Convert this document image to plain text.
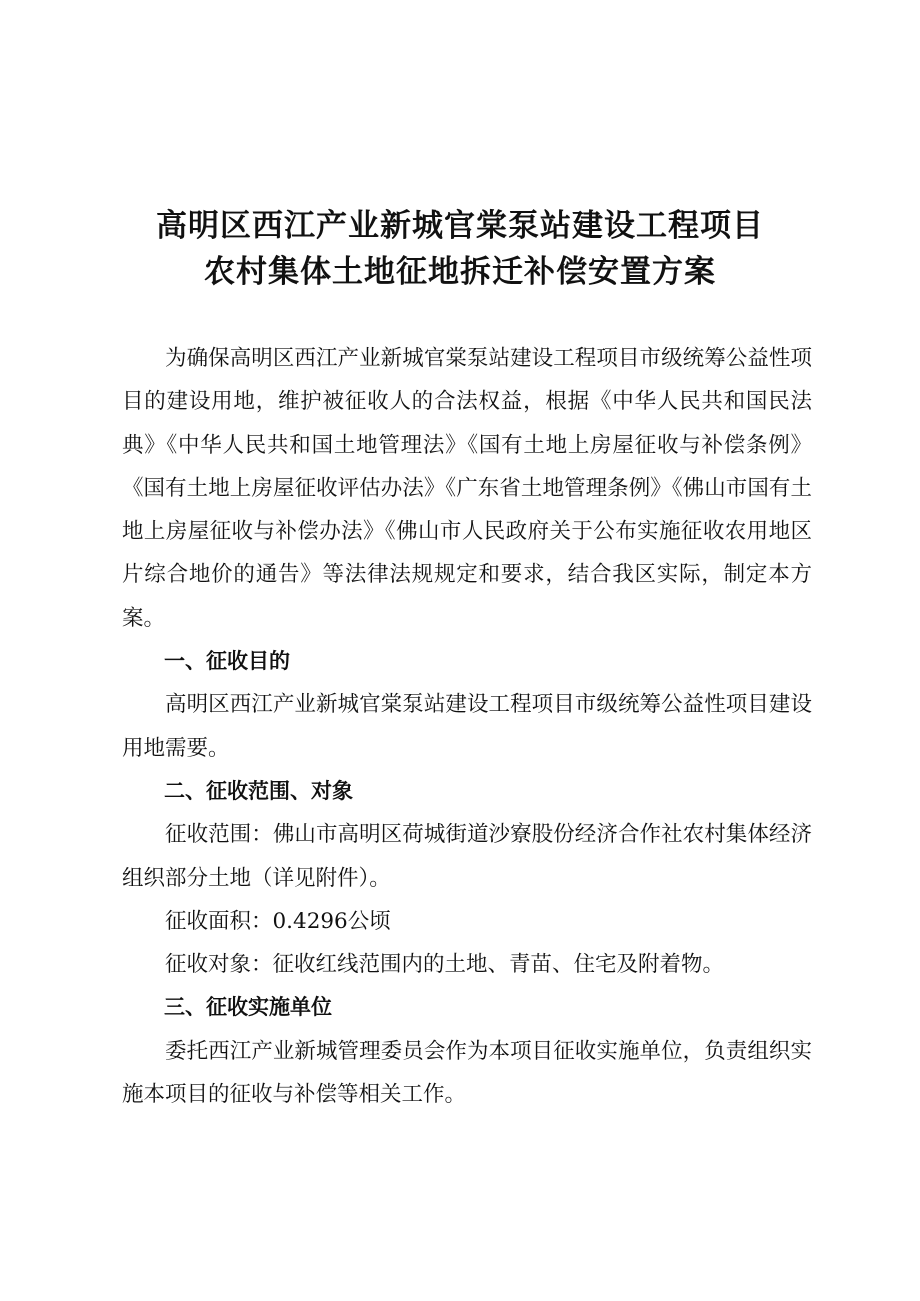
高明区西江产业新城官棠泵站建设工程项目
农村集体土地征地拆迁补偿安置方案

为确保高明区西江产业新城官棠泵站建设工程项目市级统筹公益性项目的建设用地，维护被征收人的合法权益，根据《中华人民共和国民法典》《中华人民共和国土地管理法》《国有土地上房屋征收与补偿条例》《国有土地上房屋征收评估办法》《广东省土地管理条例》《佛山市国有土地上房屋征收与补偿办法》《佛山市人民政府关于公布实施征收农用地区片综合地价的通告》等法律法规规定和要求，结合我区实际，制定本方案。

一、征收目的

高明区西江产业新城官棠泵站建设工程项目市级统筹公益性项目建设用地需要。

二、征收范围、对象

征收范围：佛山市高明区荷城街道沙寮股份经济合作社农村集体经济组织部分土地（详见附件）。

征收面积：0.4296公顷

征收对象：征收红线范围内的土地、青苗、住宅及附着物。

三、征收实施单位

委托西江产业新城管理委员会作为本项目征收实施单位，负责组织实施本项目的征收与补偿等相关工作。
